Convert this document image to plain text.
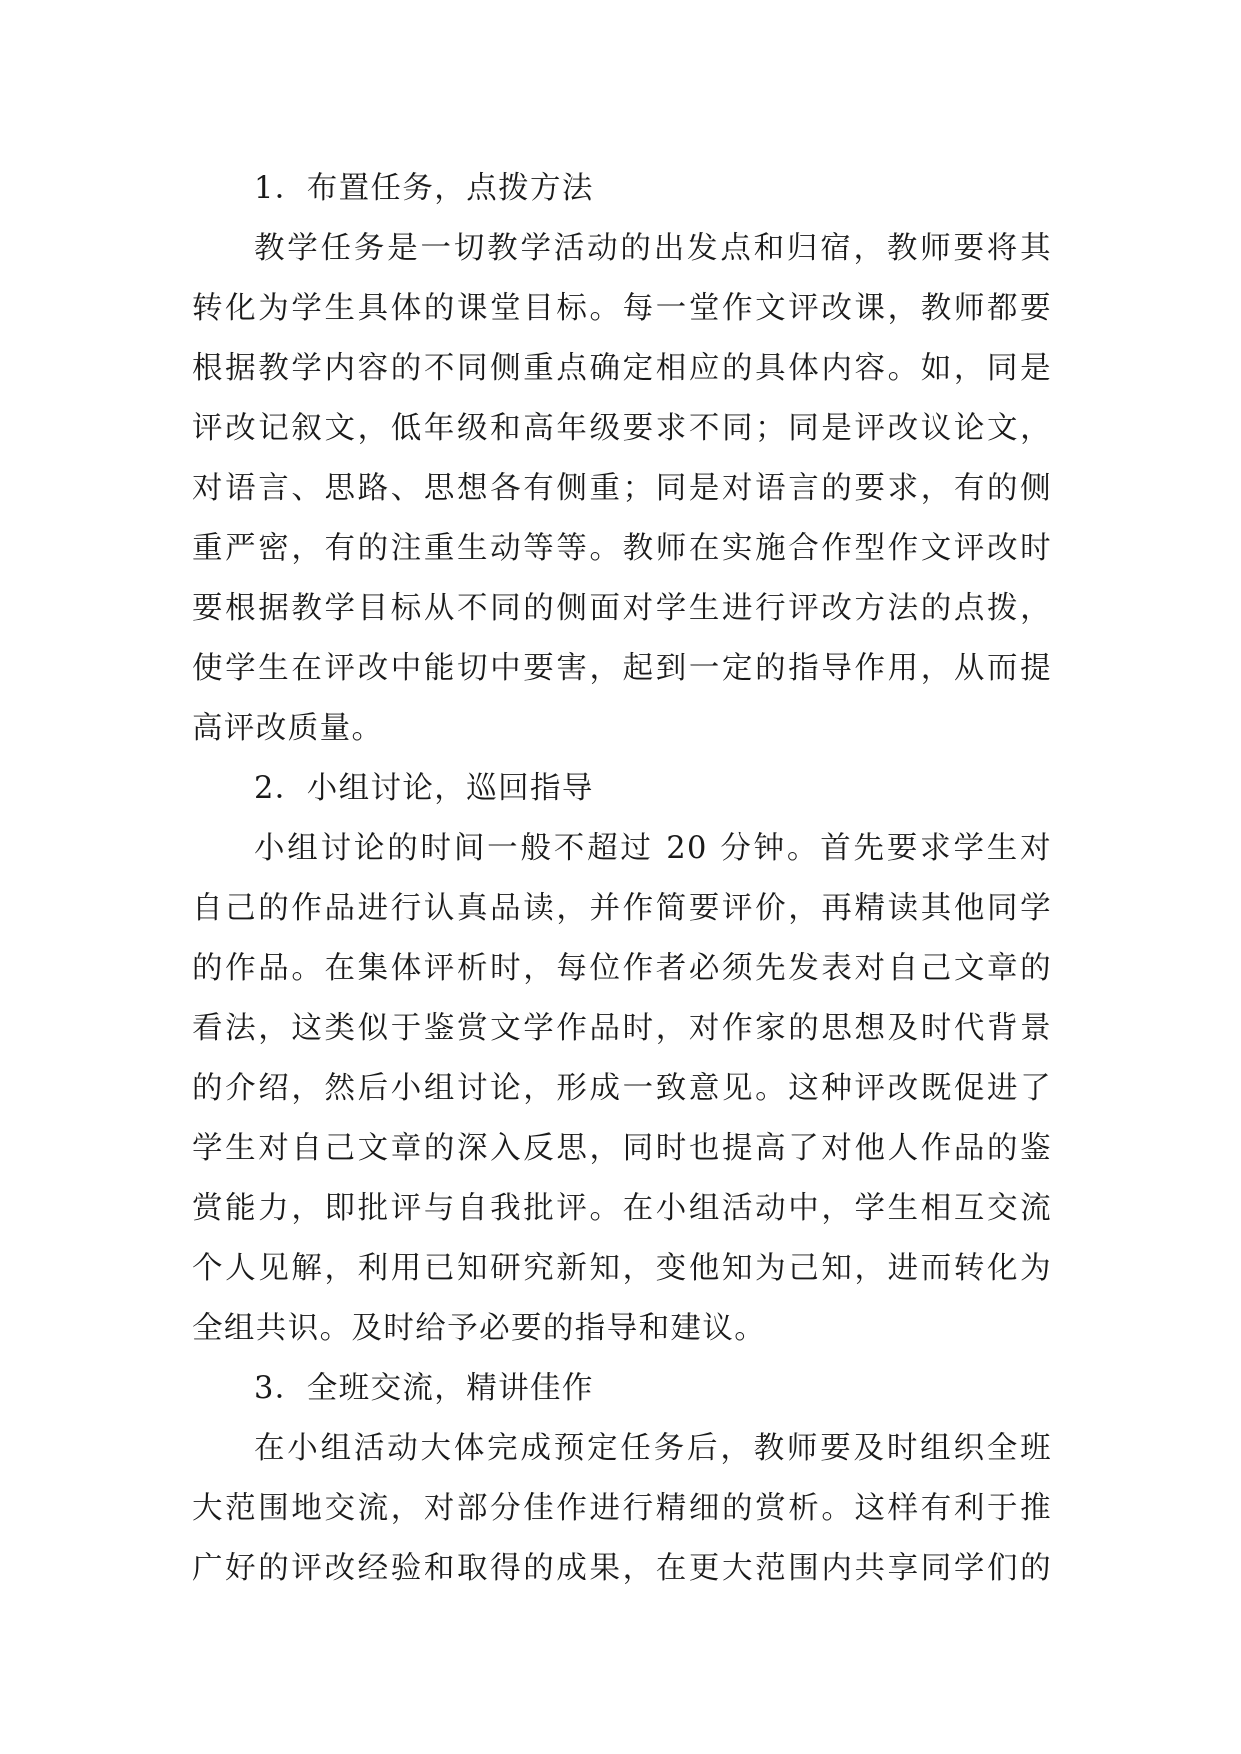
1．布置任务，点拨方法
教学任务是一切教学活动的出发点和归宿，教师要将其
转化为学生具体的课堂目标。每一堂作文评改课，教师都要
根据教学内容的不同侧重点确定相应的具体内容。如，同是
评改记叙文，低年级和高年级要求不同；同是评改议论文，
对语言、思路、思想各有侧重；同是对语言的要求，有的侧
重严密，有的注重生动等等。教师在实施合作型作文评改时
要根据教学目标从不同的侧面对学生进行评改方法的点拨，
使学生在评改中能切中要害，起到一定的指导作用，从而提
高评改质量。
2．小组讨论，巡回指导
小组讨论的时间一般不超过 20 分钟。首先要求学生对
自己的作品进行认真品读，并作简要评价，再精读其他同学
的作品。在集体评析时，每位作者必须先发表对自己文章的
看法，这类似于鉴赏文学作品时，对作家的思想及时代背景
的介绍，然后小组讨论，形成一致意见。这种评改既促进了
学生对自己文章的深入反思，同时也提高了对他人作品的鉴
赏能力，即批评与自我批评。在小组活动中，学生相互交流
个人见解，利用已知研究新知，变他知为己知，进而转化为
全组共识。及时给予必要的指导和建议。
3．全班交流，精讲佳作
在小组活动大体完成预定任务后，教师要及时组织全班
大范围地交流，对部分佳作进行精细的赏析。这样有利于推
广好的评改经验和取得的成果，在更大范围内共享同学们的
